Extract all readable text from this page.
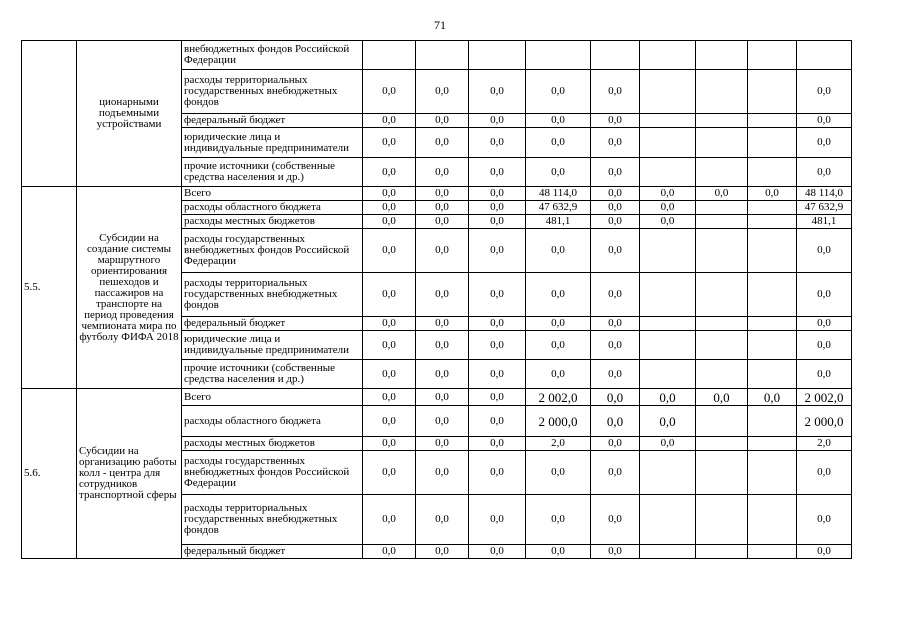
71
	ционарными подъемными устройствами	внебюджетных фондов Российской Федерации									
		расходы территориальных государственных внебюджетных фондов	0,0	0,0	0,0	0,0	0,0				0,0
		федеральный бюджет	0,0	0,0	0,0	0,0	0,0				0,0
		юридические лица и индивидуальные предприниматели	0,0	0,0	0,0	0,0	0,0				0,0
		прочие источники (собственные средства населения и др.)	0,0	0,0	0,0	0,0	0,0				0,0
5.5.	Субсидии на создание системы маршрутного ориентирования пешеходов и пассажиров на транспорте на период проведения чемпионата мира по футболу ФИФА 2018	Всего	0,0	0,0	0,0	48 114,0	0,0	0,0	0,0	0,0	48 114,0
		расходы областного бюджета	0,0	0,0	0,0	47 632,9	0,0	0,0			47 632,9
		расходы местных бюджетов	0,0	0,0	0,0	481,1	0,0	0,0			481,1
		расходы государственных внебюджетных фондов Российской Федерации	0,0	0,0	0,0	0,0	0,0				0,0
		расходы территориальных государственных внебюджетных фондов	0,0	0,0	0,0	0,0	0,0				0,0
		федеральный бюджет	0,0	0,0	0,0	0,0	0,0				0,0
		юридические лица и индивидуальные предприниматели	0,0	0,0	0,0	0,0	0,0				0,0
		прочие источники (собственные средства населения и др.)	0,0	0,0	0,0	0,0	0,0				0,0
5.6.	Субсидии на организацию работы колл - центра для сотрудников транспортной сферы	Всего	0,0	0,0	0,0	2 002,0	0,0	0,0	0,0	0,0	2 002,0
		расходы областного бюджета	0,0	0,0	0,0	2 000,0	0,0	0,0			2 000,0
		расходы местных бюджетов	0,0	0,0	0,0	2,0	0,0	0,0			2,0
		расходы государственных внебюджетных фондов Российской Федерации	0,0	0,0	0,0	0,0	0,0				0,0
		расходы территориальных государственных внебюджетных фондов	0,0	0,0	0,0	0,0	0,0				0,0
		федеральный бюджет	0,0	0,0	0,0	0,0	0,0				0,0
